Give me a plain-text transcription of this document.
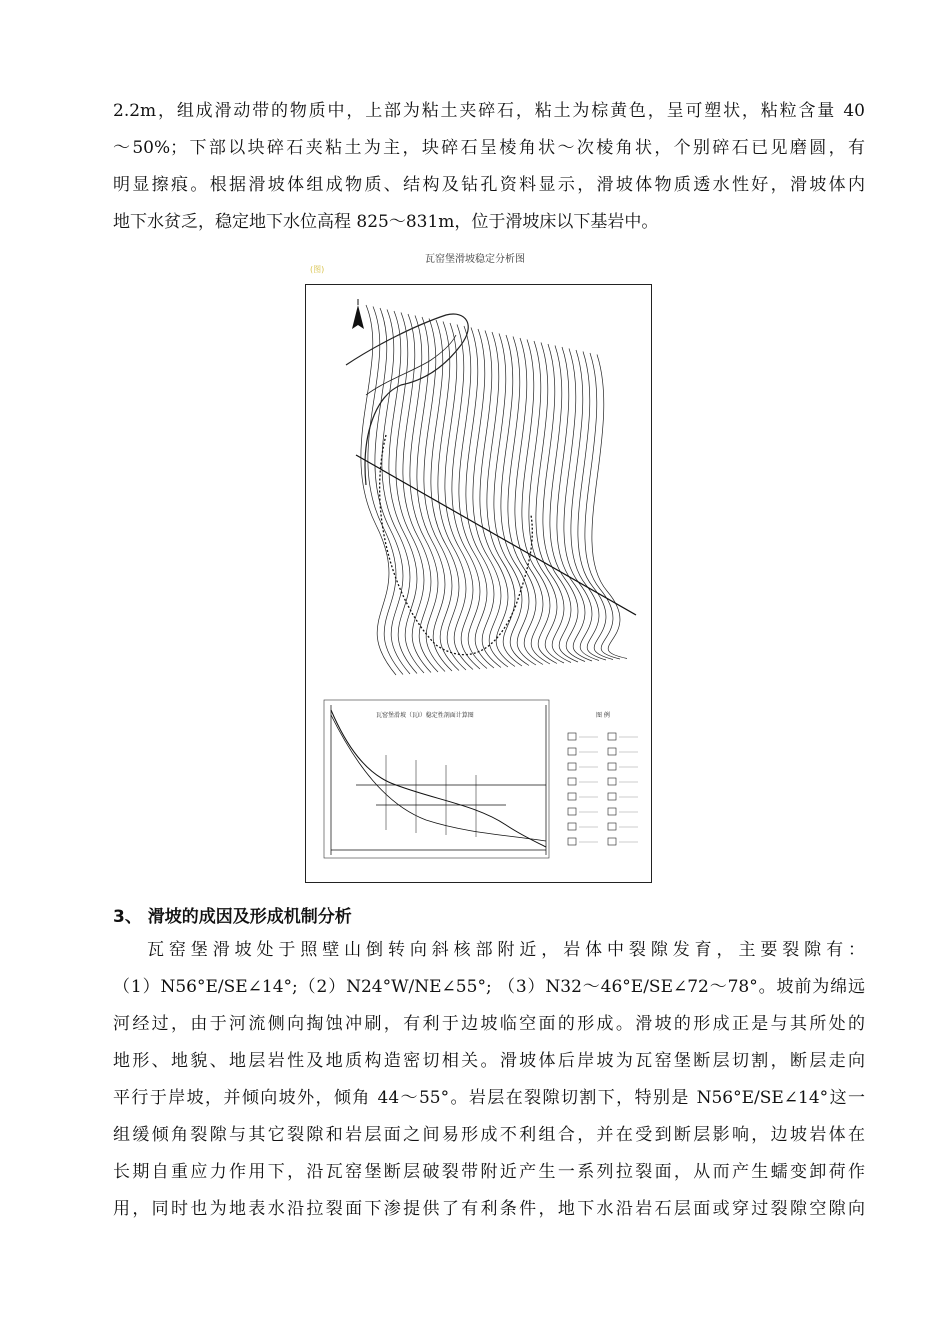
2.2m，组成滑动带的物质中，上部为粘土夹碎石，粘土为棕黄色，呈可塑状，粘粒含量 40
～50%；下部以块碎石夹粘土为主，块碎石呈棱角状～次棱角状，个别碎石已见磨圆，有
明显擦痕。根据滑坡体组成物质、结构及钻孔资料显示，滑坡体物质透水性好，滑坡体内
地下水贫乏，稳定地下水位高程 825～831m，位于滑坡床以下基岩中。
瓦窑堡滑坡稳定分析图
(图)
瓦窑堡滑坡（瓦I）稳定性剖面计算图	图 例
3、 滑坡的成因及形成机制分析
瓦窑堡滑坡处于照壁山倒转向斜核部附近，岩体中裂隙发育，主要裂隙有：
（1）N56°E/SE∠14°;（2）N24°W/NE∠55°; （3）N32～46°E/SE∠72～78°。坡前为绵远
河经过，由于河流侧向掏蚀冲刷，有利于边坡临空面的形成。滑坡的形成正是与其所处的
地形、地貌、地层岩性及地质构造密切相关。滑坡体后岸坡为瓦窑堡断层切割，断层走向
平行于岸坡，并倾向坡外，倾角 44～55°。岩层在裂隙切割下，特别是 N56°E/SE∠14°这一
组缓倾角裂隙与其它裂隙和岩层面之间易形成不利组合，并在受到断层影响，边坡岩体在
长期自重应力作用下，沿瓦窑堡断层破裂带附近产生一系列拉裂面，从而产生蠕变卸荷作
用，同时也为地表水沿拉裂面下渗提供了有利条件，地下水沿岩石层面或穿过裂隙空隙向
